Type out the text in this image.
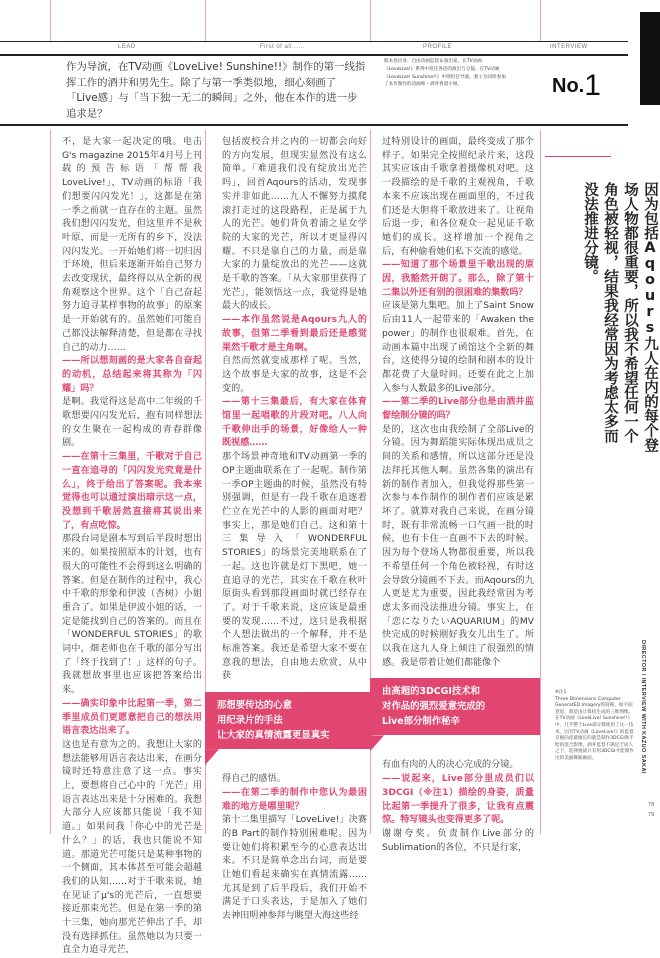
LEAD	First of all......	PROFILE	INTERVIEW
作为导演，在TV动画《LoveLive! Sunshine!!》制作的第一线指挥工作的酒井和男先生。除了与第一季类似地，细心刻画了「Live感」与「当下独一无二的瞬间」之外，他在本作的进一步追求是？
熊本县出身。自由动画监督＆演出家。在TV动画《LoveLive!》系列中担任各话的演出与分镜。在TV动画《LoveLive! Sunshine!!》中则担任导演。妻子为同样参加了本作制作的动画师・酒井香澄小姐。	No.1

不，是大家一起决定的哦。电击G's magazine 2015年4月号上刊载的预告标语「帮帮我LoveLive!」，TV动画的标语「我们想要闪闪发光！」，这都是在第一季之前就一直存在的主题。虽然我们想闪闪发光，但这里并不是秋叶原，而是一无所有的乡下，没法闪闪发光。一开始她们将一切归因于环境，但后来逐渐开始自己努力去改变现状，最终得以从全新的视角观察这个世界。这个「自己奋起努力追寻某样事物的故事」的原案是一开始就有的。虽然她们可能自己都没法解释清楚，但是都在寻找自己的动力……

——所以想刻画的是大家各自奋起的动机，总结起来将其称为「闪耀」吗？

是啊。我觉得这是高中二年级的千歌想要闪闪发光后，抱有同样想法的女生聚在一起构成的青春群像剧。

——在第十三集里，千歌对于自己一直在追寻的「闪闪发光究竟是什么」，终于给出了答案呢。我本来觉得也可以通过演出暗示这一点，没想到千歌居然直接将其说出来了，有点吃惊。

那段台词是剧本写到后半段时想出来的。如果按照原本的计划，也有很大的可能性不会得到这么明确的答案。但是在制作的过程中，我心中千歌的形象和伊波（杏树）小姐重合了。如果是伊波小姐的话，一定是能找到自己的答案的。而且在「WONDERFUL STORIES」的歌词中，畑老师也在千歌的部分写出了「终于找到了！」这样的句子。我就想故事里也应该把答案给出来。

——确实印象中比起第一季，第二季里成员们更愿意把自己的想法用语言表达出来了。

这也是有意为之的。我想让大家的想法能够用语言表达出来，在画分镜时还特意注意了这一点。事实上，要想将自己心中的「光芒」用语言表达出来是十分困难的。我想大部分人应该都只能说「我不知道。」如果问我「你心中的光芒是什么？」的话，我也只能说不知道。那道光芒可能只是某种事物的一个侧面，其本体甚至可能会超越我们的认知……对于千歌来说，她在见证了μ's的光芒后，一直想要接近那束光芒。但是在第一季的第十三集，她向那光芒伸出了手，却没有选择抓住。虽然她以为只要一直全力追寻光芒，

包括废校合并之内的一切都会向好的方向发展，但现实显然没有这么简单。「难道我们没有绽放出光芒吗」，回首Aqours的活动，发现事实并非如此……九人不懈努力摸爬滚打走过的这段路程，正是属于九人的光芒。她们背负着浦之星女学院的大家的光芒，所以才更显得闪耀。不只是靠自己的力量，而是靠大家的力量绽放出的光芒——这就是千歌的答案。「从大家那里获得了光芒」，能领悟这一点，我觉得是她最大的成长。

——本作虽然说是Aqours九人的故事，但第二季看到最后还是感觉果然千歌才是主角啊。

自然而然就变成那样了呢。当然，这个故事是大家的故事，这是不会变的。

——第十三集最后，有大家在体育馆里一起唱歌的片段对吧。八人向千歌伸出手的场景，好像给人一种既视感……

那个场景神奇地和TV动画第一季的OP主题曲联系在了一起呢。制作第一季OP主题曲的时候，虽然没有特别强调，但是有一段千歌在追逐着伫立在光芒中的人影的画面对吧？事实上，那是她们自己。这和第十三集导入「WONDERFUL STORIES」的场景完美地联系在了一起。这也许就是灯下黑吧，她一直追寻的光芒，其实在千歌在秋叶原街头看到那段画面时就已经存在了。对于千歌来说，这应该是最重要的发现……不过，这只是我根据个人想法做出的一个解释，并不是标准答案。我还是希望大家不要在意我的想法，自由地去欣赏，从中获

那想要传达的心意
用纪录片的手法
让大家的真情流露更显真实

得自己的感悟。

——在第二季的制作中您认为最困难的地方是哪里呢？

第十二集里描写「LoveLive!」决赛的B Part的制作特别困难呢。因为要让她们将积累至今的心意表达出来。不只是简单念出台词，而是要让她们看起来确实在真情流露……尤其是到了后半段后，我们开始不满足于口头表达，于是加入了她们去神田明神参拜与眺望大海这些经

过特别设计的画面，最终变成了那个样子。如果完全按照纪录片来，这段其实应该由千歌拿着摄像机对吧。这一段描绘的是千歌的主观视角，千歌本来不应该出现在画面里的，不过我们还是大胆将千歌放进来了。让视角后退一步，和各位观众一起见证千歌她们的成长。这样增加一个视角之后，有种偷看她们私下交流的感觉。

——知道了那个场景里千歌出现的原因，我豁然开朗了。那么，除了第十二集以外还有别的很困难的集数吗？

应该是第九集吧。加上了Saint Snow后由11人一起带来的「Awaken the power」的制作也很艰难。首先，在动画本篇中出现了函馆这个全新的舞台，这使得分镜的绘制和剧本的设计都花费了大量时间。还要在此之上加入参与人数最多的Live部分。

——第二季的Live部分也是由酒井监督绘制分镜的吗？

是的，这次也由我绘制了全部Live的分镜。因为舞蹈能实际体现出成员之间的关系和感情，所以这部分还是没法拜托其他人啊。虽然各集的演出有新的制作者加入，但我觉得那些第一次参与本作制作的制作者们应该是累坏了。就算对我自己来说，在画分镜时，既有非常流畅一口气画一批的时候，也有卡住一直画不下去的时候。因为每个登场人物都很重要，所以我不希望任何一个角色被轻视，有时这会导致分镜画不下去。而Aqours的九人更是尤为重要，因此我经常因为考虑太多而没法推进分镜。事实上，在「恋になりたいAQUARIUM」的MV快完成的时候刚好我女儿出生了。所以我在这九人身上倾注了很强烈的情感。我是带着让她们都能像个

由高超的3DCGI技术和
对作品的强烈爱意完成的
Live部分制作秘辛

有血有肉的人的决心完成的分镜。

——说起来，Live部分里成员们以3DCGI（※注1）描绘的身姿，质量比起第一季提升了很多，让我有点震惊。特写镜头也变得更多了呢。

谢谢夸奖。负责制作Live部分的Sublimation的各位，不只是行家，

因为包括Aqours九人在内的每个登场人物都很重要，所以我不希望任何一个角色被轻视，结果我经常因为考虑太多而没法推进分镜。
※注1
Three Dimensions Computer GeneratED Imagery的简称。如字面意思，就是由计算机生成的三维图像。在TV动画《LoveLive! Sunshine!!》中，几乎整个Live部分都使用了这一技术。因为TV动画《LoveLive!》的监督京极尚彦最擅长的就是制作3DCGI和手绘的混合影像，酒井监督不满足于居人之下，选择挑战只有用3DCGI才能制作出的美丽舞蹈画面。	DIRECTOR / INTERVIEW WITH KAZUO SAKAI
78
79
